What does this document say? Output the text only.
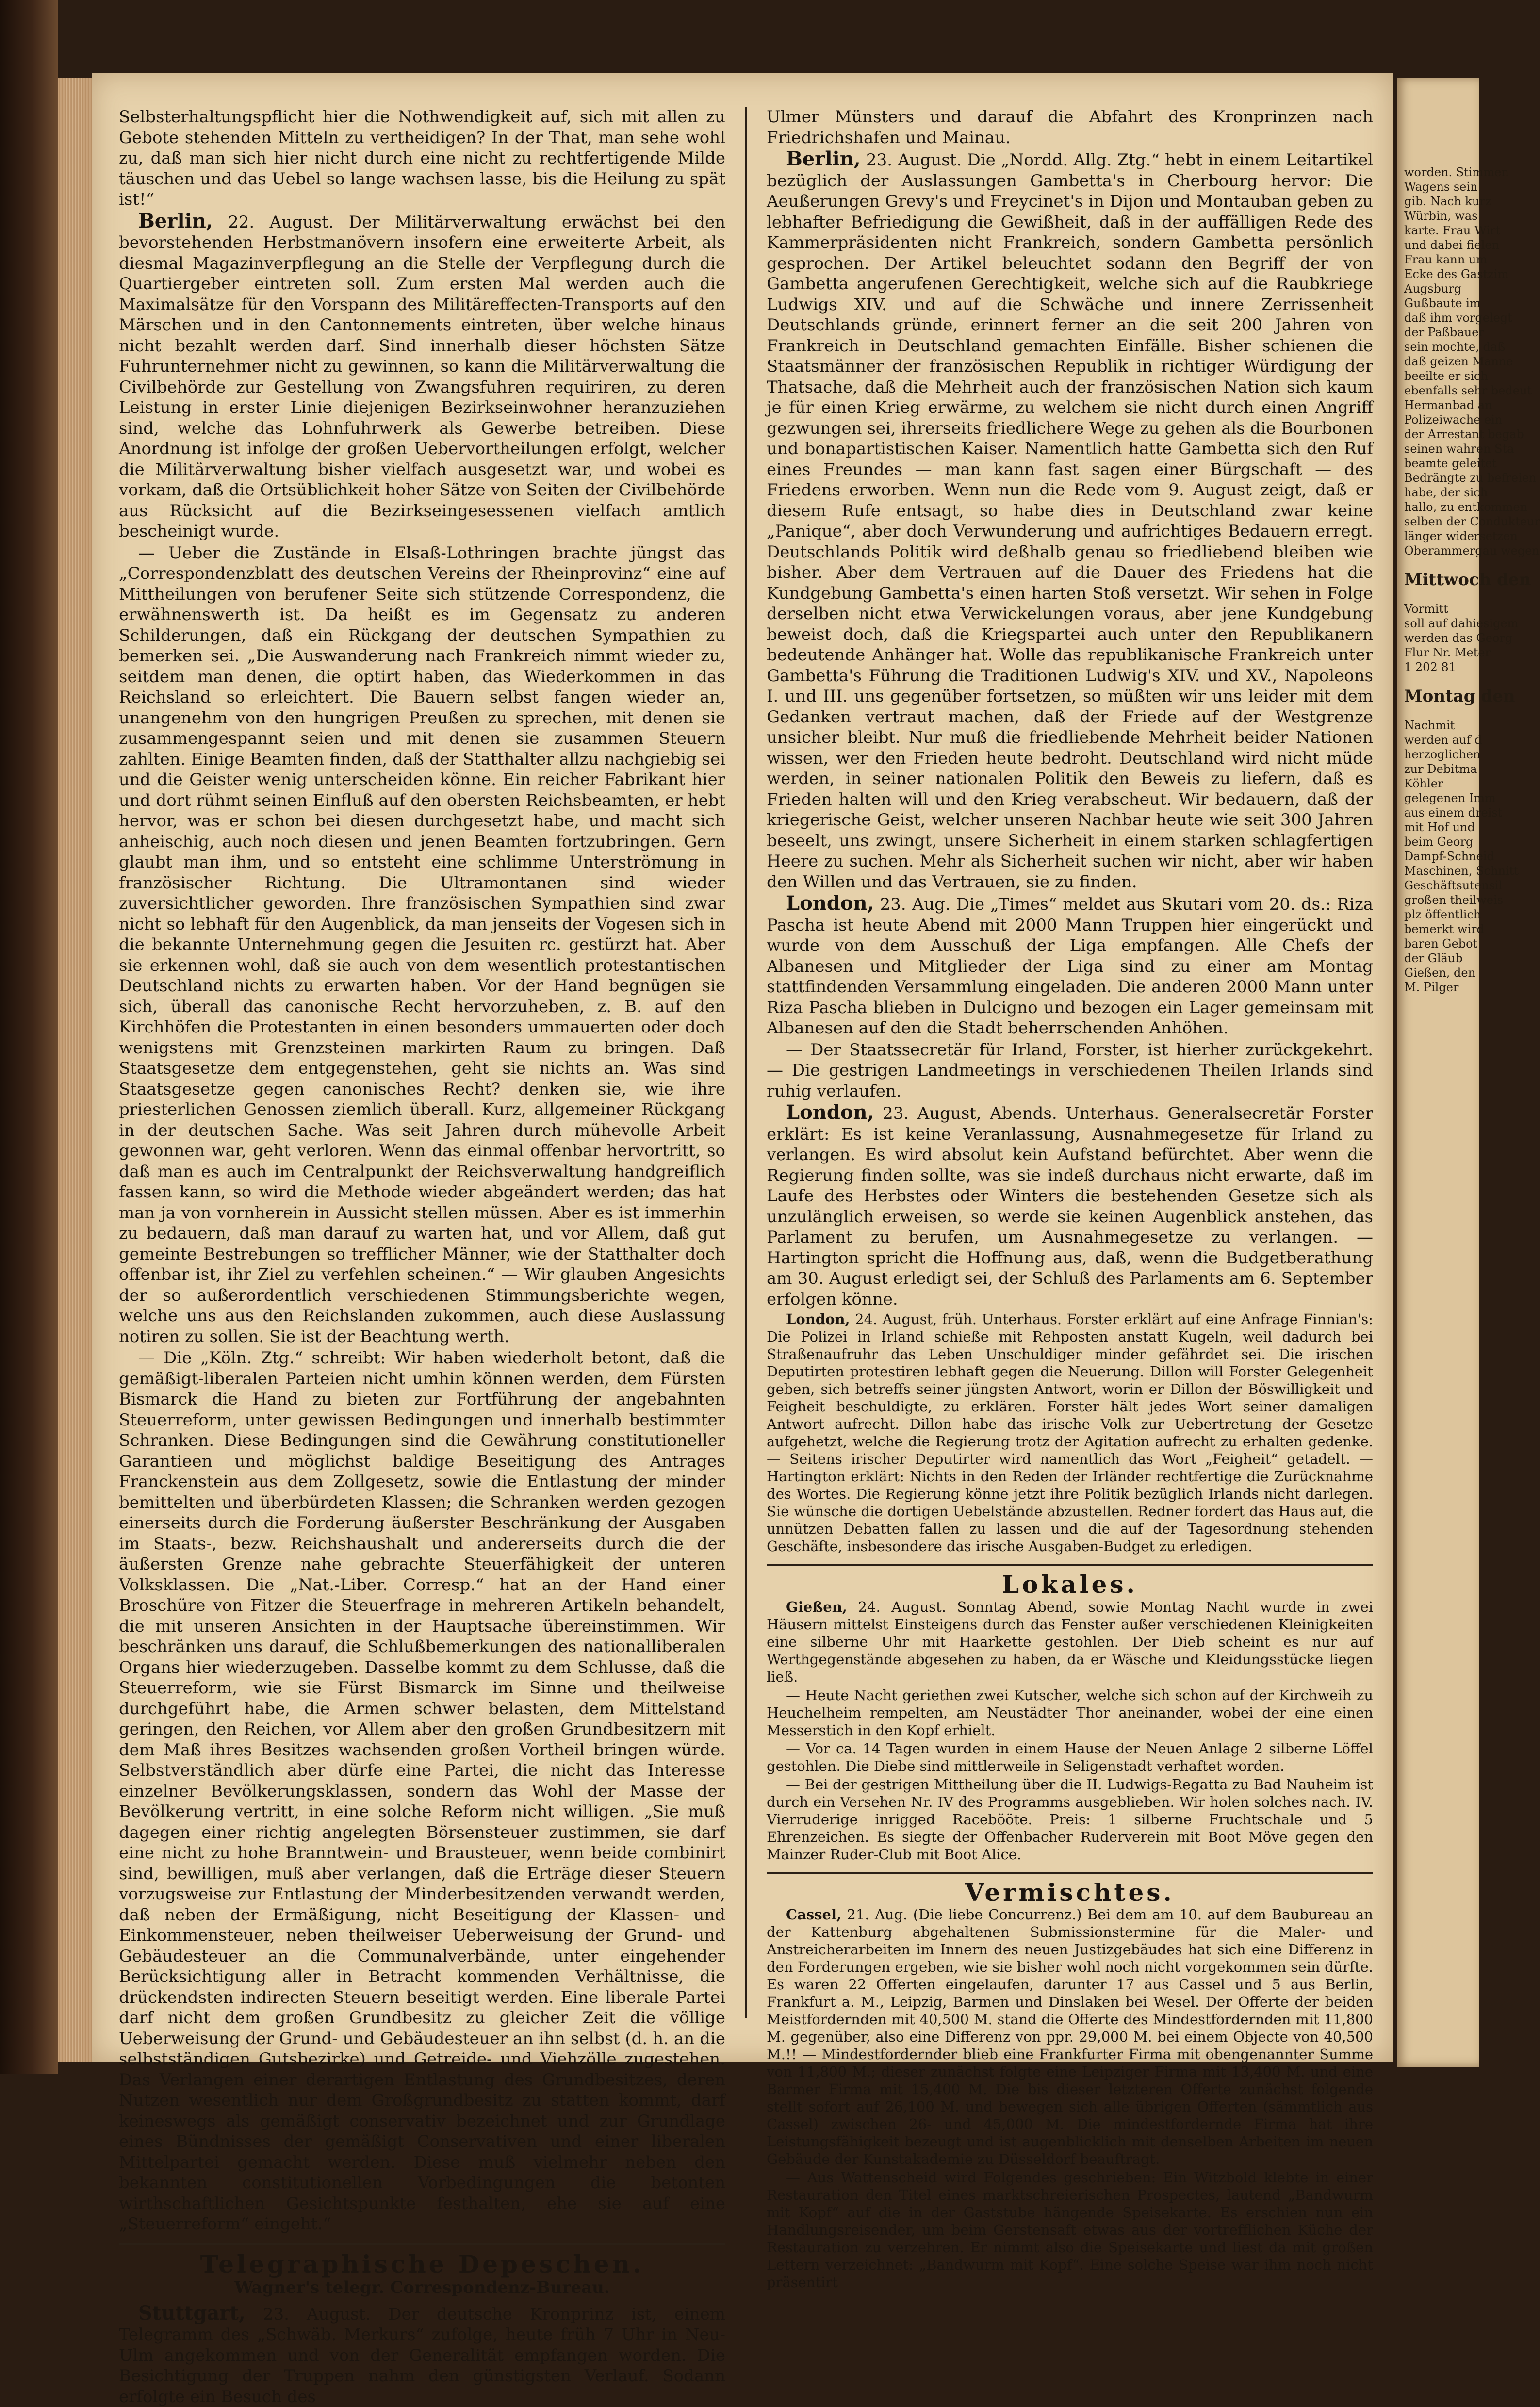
Selbsterhaltungspflicht hier die Nothwendigkeit auf, sich mit allen zu Gebote stehenden Mitteln zu vertheidigen? In der That, man sehe wohl zu, daß man sich hier nicht durch eine nicht zu rechtfertigende Milde täuschen und das Uebel so lange wachsen lasse, bis die Heilung zu spät ist!“

Berlin, 22. August. Der Militärverwaltung erwächst bei den bevorstehenden Herbstmanövern insofern eine erweiterte Arbeit, als diesmal Magazinverpflegung an die Stelle der Verpflegung durch die Quartiergeber eintreten soll. Zum ersten Mal werden auch die Maximalsätze für den Vorspann des Militäreffecten-Transports auf den Märschen und in den Cantonnements eintreten, über welche hinaus nicht bezahlt werden darf. Sind innerhalb dieser höchsten Sätze Fuhrunternehmer nicht zu gewinnen, so kann die Militärverwaltung die Civilbehörde zur Gestellung von Zwangsfuhren requiriren, zu deren Leistung in erster Linie diejenigen Bezirkseinwohner heranzuziehen sind, welche das Lohnfuhrwerk als Gewerbe betreiben. Diese Anordnung ist infolge der großen Uebervortheilungen erfolgt, welcher die Militärverwaltung bisher vielfach ausgesetzt war, und wobei es vorkam, daß die Ortsüblichkeit hoher Sätze von Seiten der Civilbehörde aus Rücksicht auf die Bezirkseingesessenen vielfach amtlich bescheinigt wurde.

— Ueber die Zustände in Elsaß-Lothringen brachte jüngst das „Correspondenzblatt des deutschen Vereins der Rheinprovinz“ eine auf Mittheilungen von berufener Seite sich stützende Correspondenz, die erwähnenswerth ist. Da heißt es im Gegensatz zu anderen Schilderungen, daß ein Rückgang der deutschen Sympathien zu bemerken sei. „Die Auswanderung nach Frankreich nimmt wieder zu, seitdem man denen, die optirt haben, das Wiederkommen in das Reichsland so erleichtert. Die Bauern selbst fangen wieder an, unangenehm von den hungrigen Preußen zu sprechen, mit denen sie zusammengespannt seien und mit denen sie zusammen Steuern zahlten. Einige Beamten finden, daß der Statthalter allzu nachgiebig sei und die Geister wenig unterscheiden könne. Ein reicher Fabrikant hier und dort rühmt seinen Einfluß auf den obersten Reichsbeamten, er hebt hervor, was er schon bei diesen durchgesetzt habe, und macht sich anheischig, auch noch diesen und jenen Beamten fortzubringen. Gern glaubt man ihm, und so entsteht eine schlimme Unterströmung in französischer Richtung. Die Ultramontanen sind wieder zuversichtlicher geworden. Ihre französischen Sympathien sind zwar nicht so lebhaft für den Augenblick, da man jenseits der Vogesen sich in die bekannte Unternehmung gegen die Jesuiten rc. gestürzt hat. Aber sie erkennen wohl, daß sie auch von dem wesentlich protestantischen Deutschland nichts zu erwarten haben. Vor der Hand begnügen sie sich, überall das canonische Recht hervorzuheben, z. B. auf den Kirchhöfen die Protestanten in einen besonders ummauerten oder doch wenigstens mit Grenzsteinen markirten Raum zu bringen. Daß Staatsgesetze dem entgegenstehen, geht sie nichts an. Was sind Staatsgesetze gegen canonisches Recht? denken sie, wie ihre priesterlichen Genossen ziemlich überall. Kurz, allgemeiner Rückgang in der deutschen Sache. Was seit Jahren durch mühevolle Arbeit gewonnen war, geht verloren. Wenn das einmal offenbar hervortritt, so daß man es auch im Centralpunkt der Reichsverwaltung handgreiflich fassen kann, so wird die Methode wieder abgeändert werden; das hat man ja von vornherein in Aussicht stellen müssen. Aber es ist immerhin zu bedauern, daß man darauf zu warten hat, und vor Allem, daß gut gemeinte Bestrebungen so trefflicher Männer, wie der Statthalter doch offenbar ist, ihr Ziel zu verfehlen scheinen.“ — Wir glauben Angesichts der so außerordentlich verschiedenen Stimmungsberichte wegen, welche uns aus den Reichslanden zukommen, auch diese Auslassung notiren zu sollen. Sie ist der Beachtung werth.

— Die „Köln. Ztg.“ schreibt: Wir haben wiederholt betont, daß die gemäßigt-liberalen Parteien nicht umhin können werden, dem Fürsten Bismarck die Hand zu bieten zur Fortführung der angebahnten Steuerreform, unter gewissen Bedingungen und innerhalb bestimmter Schranken. Diese Bedingungen sind die Gewährung constitutioneller Garantieen und möglichst baldige Beseitigung des Antrages Franckenstein aus dem Zollgesetz, sowie die Entlastung der minder bemittelten und überbürdeten Klassen; die Schranken werden gezogen einerseits durch die Forderung äußerster Beschränkung der Ausgaben im Staats-, bezw. Reichshaushalt und andererseits durch die der äußersten Grenze nahe gebrachte Steuerfähigkeit der unteren Volksklassen. Die „Nat.-Liber. Corresp.“ hat an der Hand einer Broschüre von Fitzer die Steuerfrage in mehreren Artikeln behandelt, die mit unseren Ansichten in der Hauptsache übereinstimmen. Wir beschränken uns darauf, die Schlußbemerkungen des nationalliberalen Organs hier wiederzugeben. Dasselbe kommt zu dem Schlusse, daß die Steuerreform, wie sie Fürst Bismarck im Sinne und theilweise durchgeführt habe, die Armen schwer belasten, dem Mittelstand geringen, den Reichen, vor Allem aber den großen Grundbesitzern mit dem Maß ihres Besitzes wachsenden großen Vortheil bringen würde. Selbstverständlich aber dürfe eine Partei, die nicht das Interesse einzelner Bevölkerungsklassen, sondern das Wohl der Masse der Bevölkerung vertritt, in eine solche Reform nicht willigen. „Sie muß dagegen einer richtig angelegten Börsensteuer zustimmen, sie darf eine nicht zu hohe Branntwein- und Brausteuer, wenn beide combinirt sind, bewilligen, muß aber verlangen, daß die Erträge dieser Steuern vorzugsweise zur Entlastung der Minderbesitzenden verwandt werden, daß neben der Ermäßigung, nicht Beseitigung der Klassen- und Einkommensteuer, neben theilweiser Ueberweisung der Grund- und Gebäudesteuer an die Communalverbände, unter eingehender Berücksichtigung aller in Betracht kommenden Verhältnisse, die drückendsten indirecten Steuern beseitigt werden. Eine liberale Partei darf nicht dem großen Grundbesitz zu gleicher Zeit die völlige Ueberweisung der Grund- und Gebäudesteuer an ihn selbst (d. h. an die selbstständigen Gutsbezirke) und Getreide- und Viehzölle zugestehen. Das Verlangen einer derartigen Entlastung des Grundbesitzes, deren Nutzen wesentlich nur dem Großgrundbesitz zu statten kommt, darf keineswegs als gemäßigt conservativ bezeichnet und zur Grundlage eines Bündnisses der gemäßigt Conservativen und einer liberalen Mittelpartei gemacht werden. Diese muß vielmehr neben den bekannten constitutionellen Vorbedingungen die betonten wirthschaftlichen Gesichtspunkte festhalten, ehe sie auf eine „Steuerreform“ eingeht.“

Telegraphische Depeschen.
Wagner's telegr. Correspondenz-Bureau.

Stuttgart, 23. August. Der deutsche Kronprinz ist, einem Telegramm des „Schwäb. Merkurs“ zufolge, heute früh 7 Uhr in Neu-Ulm angekommen und von der Generalität empfangen worden. Die Besichtigung der Truppen nahm den günstigsten Verlauf. Sodann erfolgte ein Besuch des

Ulmer Münsters und darauf die Abfahrt des Kronprinzen nach Friedrichshafen und Mainau.

Berlin, 23. August. Die „Nordd. Allg. Ztg.“ hebt in einem Leitartikel bezüglich der Auslassungen Gambetta's in Cherbourg hervor: Die Aeußerungen Grevy's und Freycinet's in Dijon und Montauban geben zu lebhafter Befriedigung die Gewißheit, daß in der auffälligen Rede des Kammerpräsidenten nicht Frankreich, sondern Gambetta persönlich gesprochen. Der Artikel beleuchtet sodann den Begriff der von Gambetta angerufenen Gerechtigkeit, welche sich auf die Raubkriege Ludwigs XIV. und auf die Schwäche und innere Zerrissenheit Deutschlands gründe, erinnert ferner an die seit 200 Jahren von Frankreich in Deutschland gemachten Einfälle. Bisher schienen die Staatsmänner der französischen Republik in richtiger Würdigung der Thatsache, daß die Mehrheit auch der französischen Nation sich kaum je für einen Krieg erwärme, zu welchem sie nicht durch einen Angriff gezwungen sei, ihrerseits friedlichere Wege zu gehen als die Bourbonen und bonapartistischen Kaiser. Namentlich hatte Gambetta sich den Ruf eines Freundes — man kann fast sagen einer Bürgschaft — des Friedens erworben. Wenn nun die Rede vom 9. August zeigt, daß er diesem Rufe entsagt, so habe dies in Deutschland zwar keine „Panique“, aber doch Verwunderung und aufrichtiges Bedauern erregt. Deutschlands Politik wird deßhalb genau so friedliebend bleiben wie bisher. Aber dem Vertrauen auf die Dauer des Friedens hat die Kundgebung Gambetta's einen harten Stoß versetzt. Wir sehen in Folge derselben nicht etwa Verwickelungen voraus, aber jene Kundgebung beweist doch, daß die Kriegspartei auch unter den Republikanern bedeutende Anhänger hat. Wolle das republikanische Frankreich unter Gambetta's Führung die Traditionen Ludwig's XIV. und XV., Napoleons I. und III. uns gegenüber fortsetzen, so müßten wir uns leider mit dem Gedanken vertraut machen, daß der Friede auf der Westgrenze unsicher bleibt. Nur muß die friedliebende Mehrheit beider Nationen wissen, wer den Frieden heute bedroht. Deutschland wird nicht müde werden, in seiner nationalen Politik den Beweis zu liefern, daß es Frieden halten will und den Krieg verabscheut. Wir bedauern, daß der kriegerische Geist, welcher unseren Nachbar heute wie seit 300 Jahren beseelt, uns zwingt, unsere Sicherheit in einem starken schlagfertigen Heere zu suchen. Mehr als Sicherheit suchen wir nicht, aber wir haben den Willen und das Vertrauen, sie zu finden.

London, 23. Aug. Die „Times“ meldet aus Skutari vom 20. ds.: Riza Pascha ist heute Abend mit 2000 Mann Truppen hier eingerückt und wurde von dem Ausschuß der Liga empfangen. Alle Chefs der Albanesen und Mitglieder der Liga sind zu einer am Montag stattfindenden Versammlung eingeladen. Die anderen 2000 Mann unter Riza Pascha blieben in Dulcigno und bezogen ein Lager gemeinsam mit Albanesen auf den die Stadt beherrschenden Anhöhen.

— Der Staatssecretär für Irland, Forster, ist hierher zurückgekehrt. — Die gestrigen Landmeetings in verschiedenen Theilen Irlands sind ruhig verlaufen.

London, 23. August, Abends. Unterhaus. Generalsecretär Forster erklärt: Es ist keine Veranlassung, Ausnahmegesetze für Irland zu verlangen. Es wird absolut kein Aufstand befürchtet. Aber wenn die Regierung finden sollte, was sie indeß durchaus nicht erwarte, daß im Laufe des Herbstes oder Winters die bestehenden Gesetze sich als unzulänglich erweisen, so werde sie keinen Augenblick anstehen, das Parlament zu berufen, um Ausnahmegesetze zu verlangen. — Hartington spricht die Hoffnung aus, daß, wenn die Budgetberathung am 30. August erledigt sei, der Schluß des Parlaments am 6. September erfolgen könne.

London, 24. August, früh. Unterhaus. Forster erklärt auf eine Anfrage Finnian's: Die Polizei in Irland schieße mit Rehposten anstatt Kugeln, weil dadurch bei Straßenaufruhr das Leben Unschuldiger minder gefährdet sei. Die irischen Deputirten protestiren lebhaft gegen die Neuerung. Dillon will Forster Gelegenheit geben, sich betreffs seiner jüngsten Antwort, worin er Dillon der Böswilligkeit und Feigheit beschuldigte, zu erklären. Forster hält jedes Wort seiner damaligen Antwort aufrecht. Dillon habe das irische Volk zur Uebertretung der Gesetze aufgehetzt, welche die Regierung trotz der Agitation aufrecht zu erhalten gedenke. — Seitens irischer Deputirter wird namentlich das Wort „Feigheit“ getadelt. — Hartington erklärt: Nichts in den Reden der Irländer rechtfertige die Zurücknahme des Wortes. Die Regierung könne jetzt ihre Politik bezüglich Irlands nicht darlegen. Sie wünsche die dortigen Uebelstände abzustellen. Redner fordert das Haus auf, die unnützen Debatten fallen zu lassen und die auf der Tagesordnung stehenden Geschäfte, insbesondere das irische Ausgaben-Budget zu erledigen.

Lokales.

Gießen, 24. August. Sonntag Abend, sowie Montag Nacht wurde in zwei Häusern mittelst Einsteigens durch das Fenster außer verschiedenen Kleinigkeiten eine silberne Uhr mit Haarkette gestohlen. Der Dieb scheint es nur auf Werthgegenstände abgesehen zu haben, da er Wäsche und Kleidungsstücke liegen ließ.

— Heute Nacht geriethen zwei Kutscher, welche sich schon auf der Kirchweih zu Heuchelheim rempelten, am Neustädter Thor aneinander, wobei der eine einen Messerstich in den Kopf erhielt.

— Vor ca. 14 Tagen wurden in einem Hause der Neuen Anlage 2 silberne Löffel gestohlen. Die Diebe sind mittlerweile in Seligenstadt verhaftet worden.

— Bei der gestrigen Mittheilung über die II. Ludwigs-Regatta zu Bad Nauheim ist durch ein Versehen Nr. IV des Programms ausgeblieben. Wir holen solches nach. IV. Vierruderige inrigged Racebööte. Preis: 1 silberne Fruchtschale und 5 Ehrenzeichen. Es siegte der Offenbacher Ruderverein mit Boot Möve gegen den Mainzer Ruder-Club mit Boot Alice.

Vermischtes.

Cassel, 21. Aug. (Die liebe Concurrenz.) Bei dem am 10. auf dem Baubureau an der Kattenburg abgehaltenen Submissionstermine für die Maler- und Anstreicherarbeiten im Innern des neuen Justizgebäudes hat sich eine Differenz in den Forderungen ergeben, wie sie bisher wohl noch nicht vorgekommen sein dürfte. Es waren 22 Offerten eingelaufen, darunter 17 aus Cassel und 5 aus Berlin, Frankfurt a. M., Leipzig, Barmen und Dinslaken bei Wesel. Der Offerte der beiden Meistfordernden mit 40,500 M. stand die Offerte des Mindestfordernden mit 11,800 M. gegenüber, also eine Differenz von ppr. 29,000 M. bei einem Objecte von 40,500 M.!! — Mindestfordernder blieb eine Frankfurter Firma mit obengenannter Summe von 11,800 M.; dieser zunächst folgte eine Leipziger Firma mit 13,400 M. und eine Barmer Firma mit 15,400 M. Die bis dieser letzteren Offerte zunächst folgende stellt sofort auf 26,100 M. und bewegen sich alle übrigen Offerten (sämmtlich aus Cassel) zwischen 26- und 45,000 M. Die mindestfordernde Firma hat ihre Leistungsfähigkeit bezeugt und ist augenblicklich mit denselben Arbeiten im neuen Gebäude der Kunstakademie zu Düsseldorf beauftragt.

— Aus Wattenscheid wird Folgendes geschrieben: Ein Witzbold klebte in einer Restauration den Titel eines marktschreierischen Prospectes, lautend „Bandwurm mit Kopf“ auf die in der Gaststube hängende Speisekarte. Es erschien nun ein Handlungsreisender, um beim Gerstensaft etwas aus der vortrefflichen Küche der Restauration zu verzehren. Er nimmt also die Speisekarte und liest da mit großen Lettern verzeichnet: „Bandwurm mit Kopf“. Eine solche Speise war ihm noch nicht präsentirt

worden. Stimmen
Wagens sein
gib. Nach kurz
Würbin, was
karte. Frau Wirt
und dabei fielen
Frau kann um
Ecke des Gastzim
Augsburg
Gußbaute im
daß ihm vorgelegt
der Paßbauer
sein mochte, daß
daß geizen Manne
beeilte er sich
ebenfalls sehr bedeut
Hermanbad an
Polizeiwache ein
der Arrestant begab
seinen wahren Sta
beamte geleitet
Bedrängte zu befreien
habe, der sich
hallo, zu entkommen
selben der Condukteur
länger widersetzen
Oberammergau wegen
Mittwoch den
Vormitt
soll auf dahiesigem
werden das Georg
Flur Nr. Meter
1 202 81
Montag den
Nachmit
werden auf d
herzoglichen
zur Debitma
Köhler
gelegenen Imm
aus einem dreist
mit Hof und
beim Georg
Dampf-Schneid
Maschinen, Schnitt
Geschäftsutensil
großen theilweis
plz öffentlich
bemerkt wird
baren Gebot
der Gläub
Gießen, den
M. Pilger
